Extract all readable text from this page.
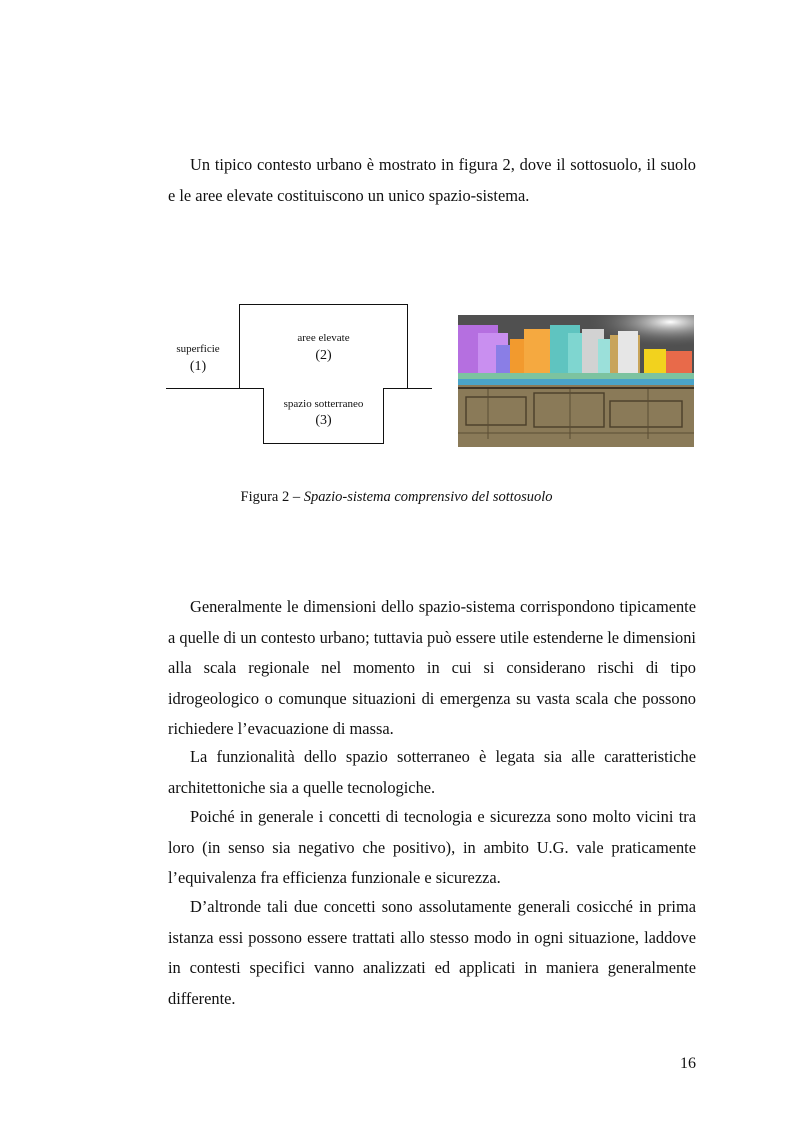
Un tipico contesto urbano è mostrato in figura 2, dove il sottosuolo, il suolo e le aree elevate costituiscono un unico spazio-sistema.

aree elevate
(2)
spazio sotterraneo
(3)
superficie
(1)
Figura 2 – Spazio-sistema comprensivo del sottosuolo

Generalmente le dimensioni dello spazio-sistema corrispondono tipicamente a quelle di un contesto urbano; tuttavia può essere utile estenderne le dimensioni alla scala regionale nel momento in cui si considerano rischi di tipo idrogeologico o comunque situazioni di emergenza su vasta scala che possono richiedere l’evacuazione di massa.

La funzionalità dello spazio sotterraneo è legata sia alle caratteristiche architettoniche sia a quelle tecnologiche.

Poiché in generale i concetti di tecnologia e sicurezza sono molto vicini tra loro (in senso sia negativo che positivo), in ambito U.G. vale praticamente l’equivalenza fra efficienza funzionale e sicurezza.

D’altronde tali due concetti sono assolutamente generali cosicché in prima istanza essi possono essere trattati allo stesso modo in ogni situazione, laddove in contesti specifici vanno analizzati ed applicati in maniera generalmente differente.

16
